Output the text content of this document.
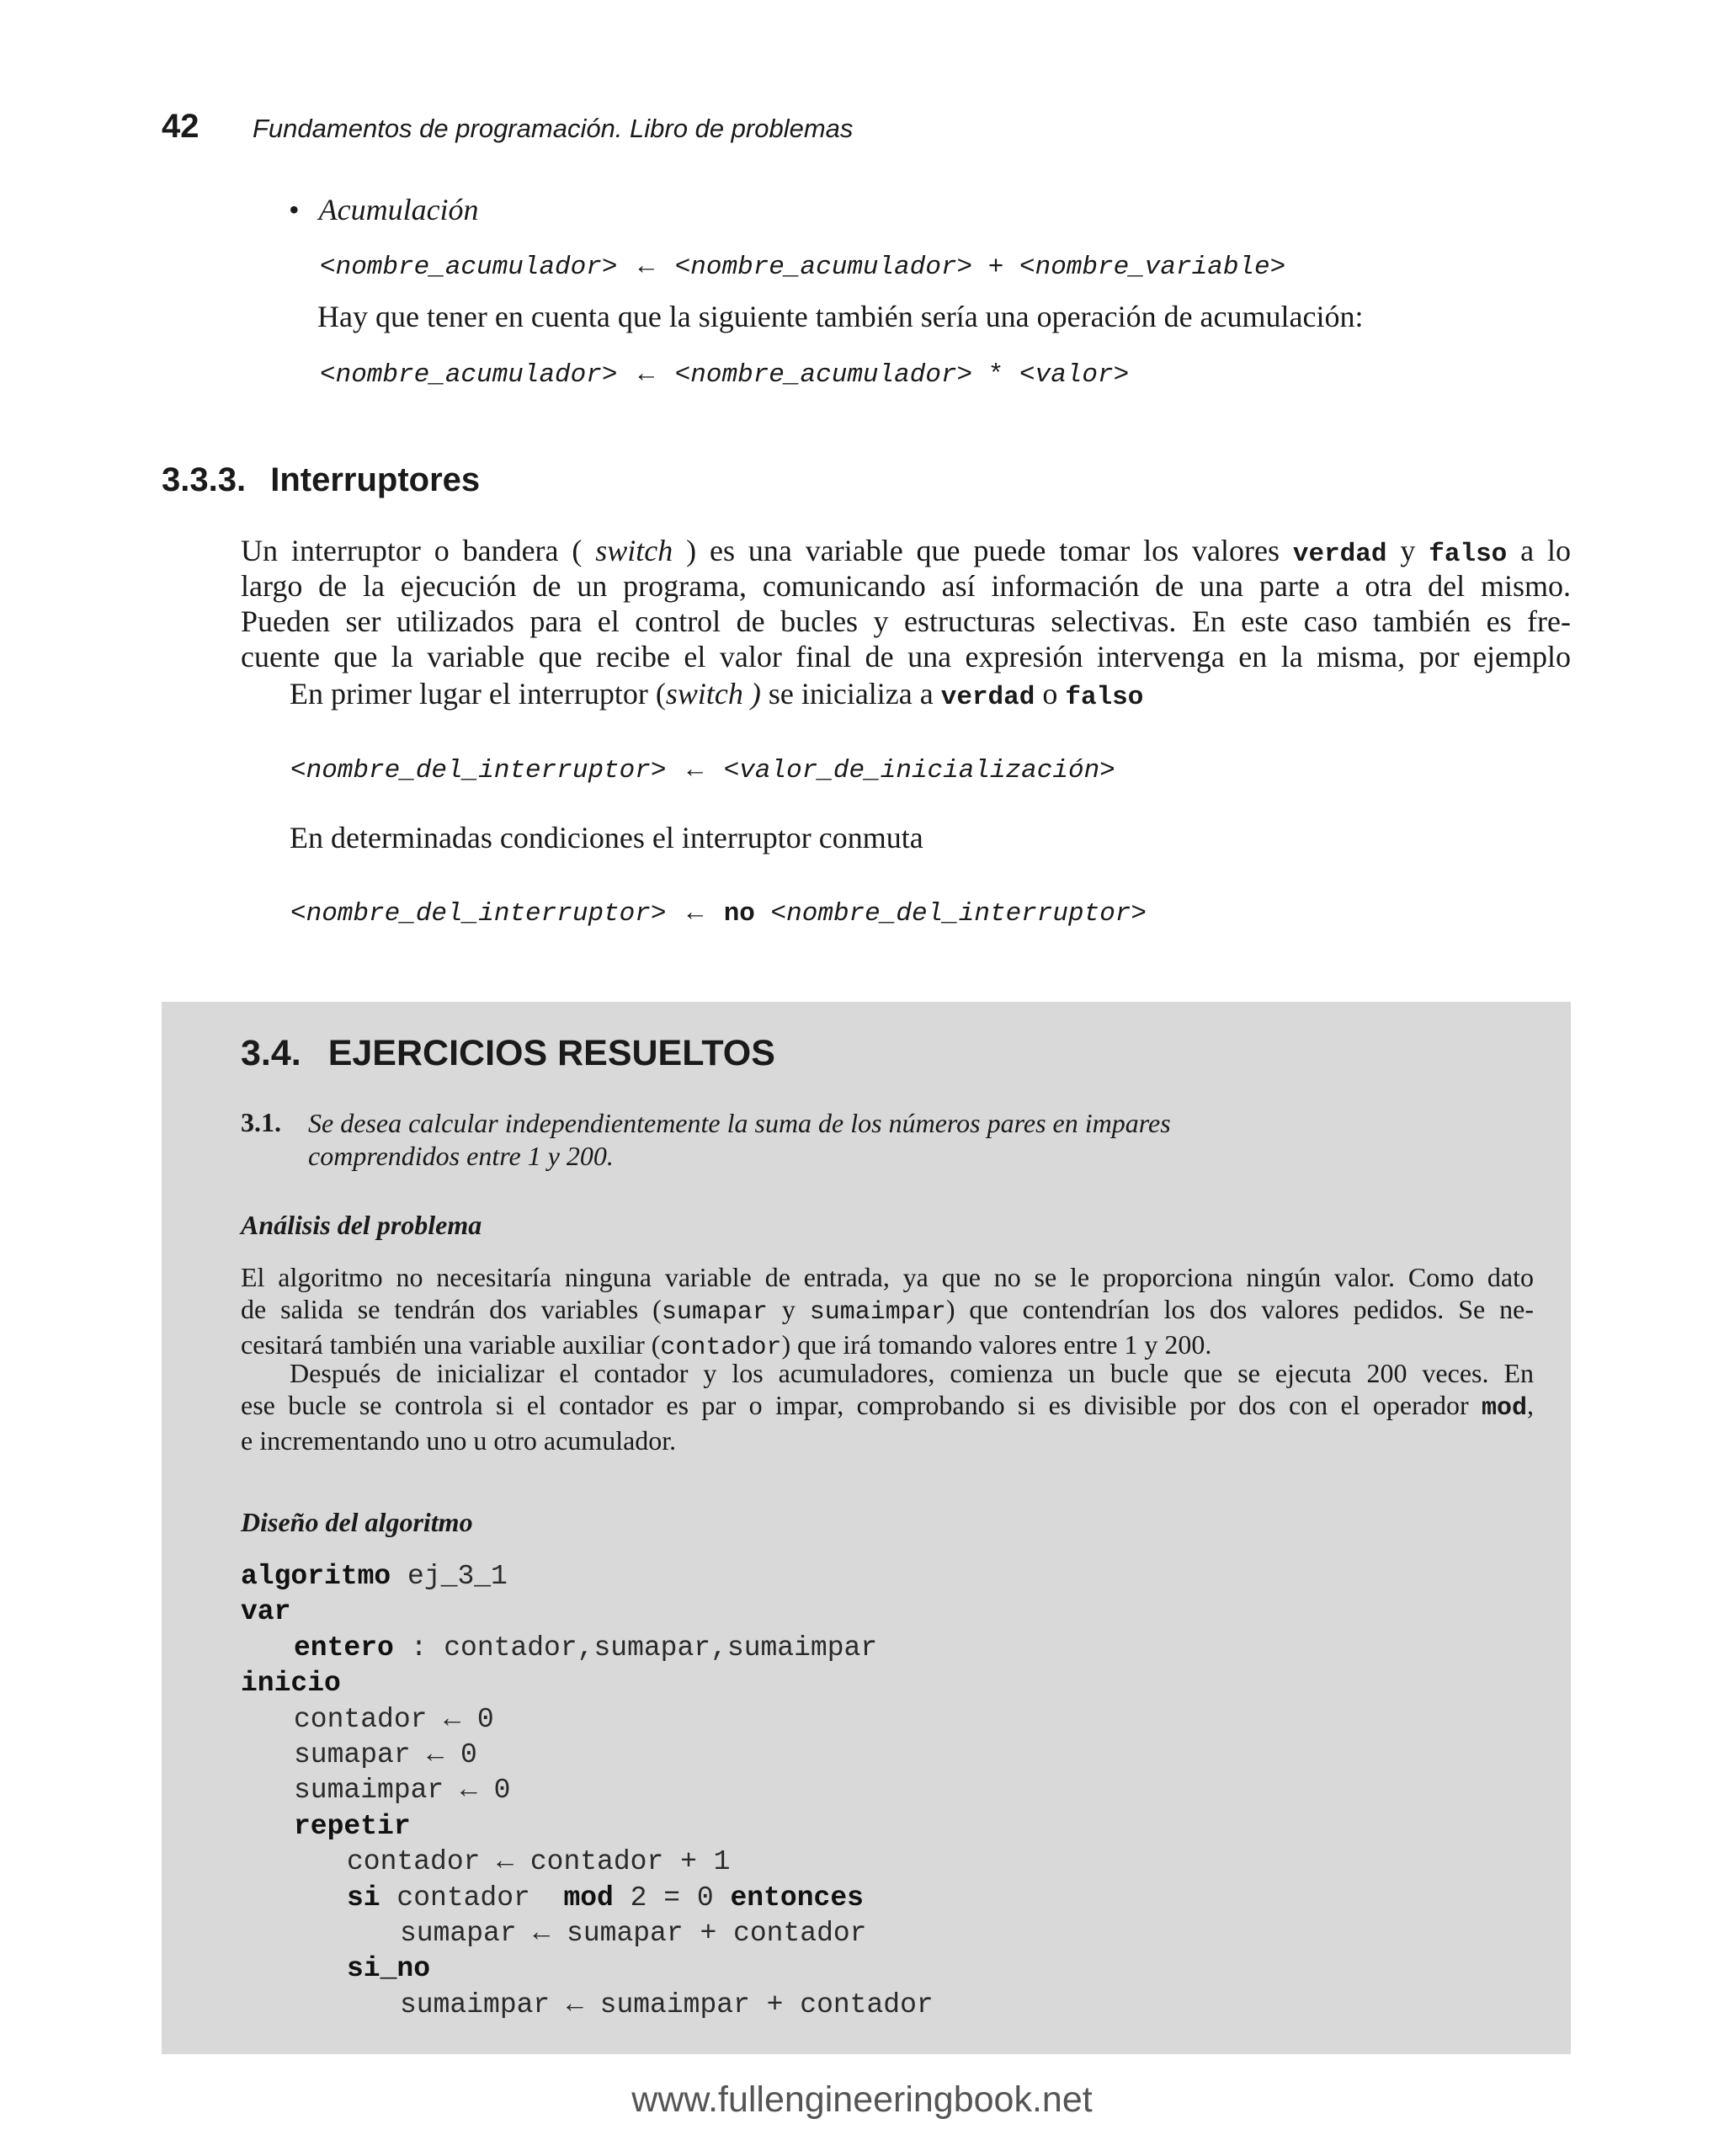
42 Fundamentos de programación. Libro de problemas
• Acumulación
<nombre_acumulador> ← <nombre_acumulador> + <nombre_variable>
Hay que tener en cuenta que la siguiente también sería una operación de acumulación:
<nombre_acumulador> ← <nombre_acumulador> * <valor>
3.3.3. Interruptores
Un interruptor o bandera ( switch ) es una variable que puede tomar los valores verdad y falso a lo
largo de la ejecución de un programa, comunicando así información de una parte a otra del mismo.
Pueden ser utilizados para el control de bucles y estructuras selectivas. En este caso también es fre-
cuente que la variable que recibe el valor final de una expresión intervenga en la misma, por ejemplo
En primer lugar el interruptor (switch ) se inicializa a verdad o falso
<nombre_del_interruptor> ← <valor_de_inicialización>
En determinadas condiciones el interruptor conmuta
<nombre_del_interruptor> ← no <nombre_del_interruptor>
3.4. EJERCICIOS RESUELTOS
3.1. Se desea calcular independientemente la suma de los números pares en impares
comprendidos entre 1 y 200.
Análisis del problema
El algoritmo no necesitaría ninguna variable de entrada, ya que no se le proporciona ningún valor. Como dato
de salida se tendrán dos variables (sumapar y sumaimpar) que contendrían los dos valores pedidos. Se ne-
cesitará también una variable auxiliar (contador) que irá tomando valores entre 1 y 200.
Después de inicializar el contador y los acumuladores, comienza un bucle que se ejecuta 200 veces. En
ese bucle se controla si el contador es par o impar, comprobando si es divisible por dos con el operador mod,
e incrementando uno u otro acumulador.
Diseño del algoritmo
algoritmo ej_3_1
var
entero : contador,sumapar,sumaimpar
inicio
contador ← 0
sumapar ← 0
sumaimpar ← 0
repetir
contador ← contador + 1
si contador  mod 2 = 0 entonces
sumapar ← sumapar + contador
si_no
sumaimpar ← sumaimpar + contador
www.fullengineeringbook.net
